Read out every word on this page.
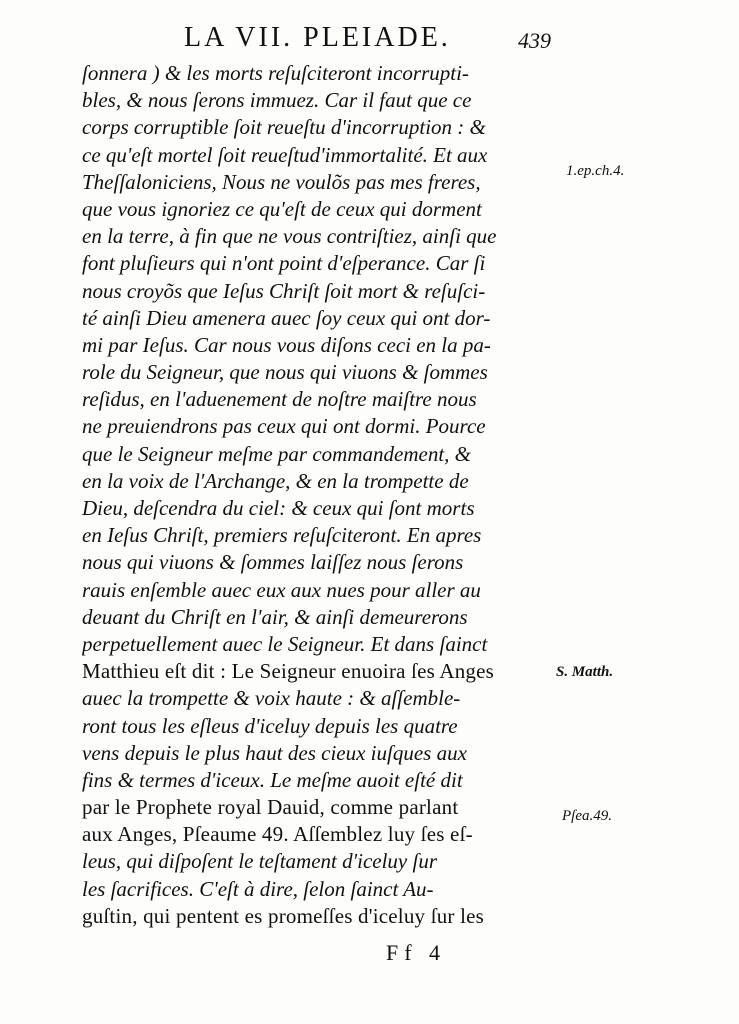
LA VII. PLEIADE.	439
ſonnera ) & les morts reſuſciteront incorrupti-
bles, & nous ſerons immuez. Car il faut que ce
corps corruptible ſoit reueſtu d'incorruption : &
ce qu'eſt mortel ſoit reueſtud'immortalité. Et aux
Theſſaloniciens, Nous ne voulõs pas mes freres,
que vous ignoriez ce qu'eſt de ceux qui dorment
en la terre, à fin que ne vous contriſtiez, ainſi que
font pluſieurs qui n'ont point d'eſperance. Car ſi
nous croyõs que Ieſus Chriſt ſoit mort & reſuſci-
té ainſi Dieu amenera auec ſoy ceux qui ont dor-
mi par Ieſus. Car nous vous diſons ceci en la pa-
role du Seigneur, que nous qui viuons & ſommes
reſidus, en l'aduenement de noſtre maiſtre nous
ne preuiendrons pas ceux qui ont dormi. Pource
que le Seigneur meſme par commandement, &
en la voix de l'Archange, & en la trompette de
Dieu, deſcendra du ciel: & ceux qui ſont morts
en Ieſus Chriſt, premiers reſuſciteront. En apres
nous qui viuons & ſommes laiſſez nous ſerons
rauis enſemble auec eux aux nues pour aller au
deuant du Chriſt en l'air, & ainſi demeurerons
perpetuellement auec le Seigneur. Et dans ſainct
Matthieu eſt dit : Le Seigneur enuoira ſes Anges
auec la trompette & voix haute : & aſſemble-
ront tous les eſleus d'iceluy depuis les quatre
vens depuis le plus haut des cieux iuſques aux
fins & termes d'iceux. Le meſme auoit eſté dit
par le Prophete royal Dauid, comme parlant
aux Anges, Pſeaume 49. Aſſemblez luy ſes eſ-
leus, qui diſpoſent le teſtament d'iceluy ſur
les ſacrifices. C'eſt à dire, ſelon ſainct Au-
guſtin, qui pentent es promeſſes d'iceluy ſur les
1.ep.ch.4.
S. Matth.
Pſea.49.
Ff 4
